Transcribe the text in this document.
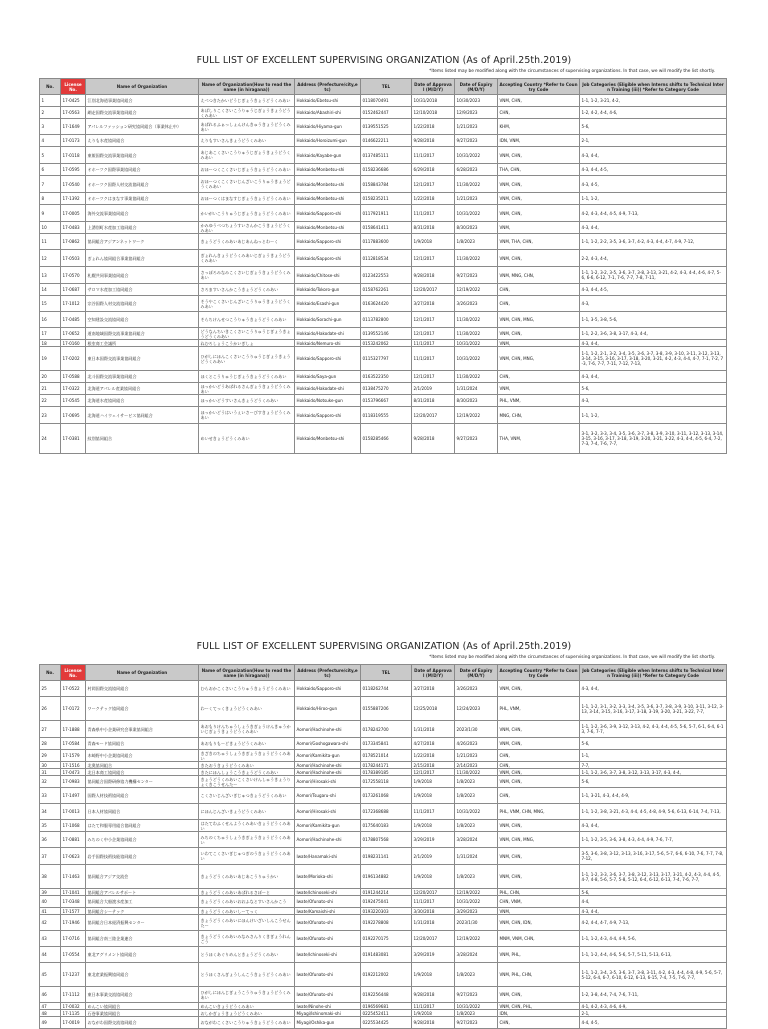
FULL LIST OF EXCELLENT SUPERVISING ORGANIZATION (As of April.25th.2019)
*Items listed may be modified along with the circumstances of supervising organizations. In that case, we will modify the list shortly.
No.	License No.	Name of Organization	Name of Organization(How to read the name (in hiragana))	Address (Prefecture/city,etc)	TEL	Date of Approval (M/D/Y)	Date of Expiry (M/D/Y)	Accepting Country *Refer to Country Code	Job Categories (Eligible when Interns shifts to Technical Intern Training (iii)) *Refer to Category Code
1	17-0425	江別北海道事業協同組合	えべつきたかいどうじぎょうきょうどうくみあい	Hokkaido/Ebetsu-shi	0118070491	10/31/2018	10/30/2023	VNM, CHN,	1-1, 1-2, 3-21, 4-2,
2	17-0563	網走国際交流事業協同組合	あばしりこくさいこうりゅうじぎょうきょうどうくみあい	Hokkaido/Abashiri-shi	0152462447	12/10/2018	12/9/2023	CHN,	1-2, 4-2, 4-4, 4-6,
3	17-1649	アパレルファッション研究協同組合（事業休止中）	あぱれるふぁっしょんけんきゅうきょうどうくみあい	Hokkaido/Hiyama-gun	0139551525	1/22/2018	1/21/2023	KHM,	5-6,
4	17-0173	えりも水産協同組合	えりもすいさんきょうどうくみあい	Hokkaido/Horoizumi-gun	0146622211	9/28/2018	9/27/2023	IDN, VNM,	2-1,
5	17-0118	東報国際交流事業協同組合	あじあこくさいこうりゅうじぎょうきょうどうくみあい	Hokkaido/Kayabe-gun	0137485111	11/1/2017	10/31/2022	VNM, CHN,	4-3, 4-4,
6	17-0595	オホーツク国際事業協同組合	おほーつくこくさいじぎょうきょうどうくみあい	Hokkaido/Monbetsu-shi	0158236686	6/29/2018	6/28/2023	THA, CHN,	4-3, 4-4, 4-5,
7	17-0540	オホーツク国際人材交流協同組合	おほーつくこくさいじんざいこうりゅうきょうどうくみあい	Hokkaido/Monbetsu-shi	0158843784	12/1/2017	11/30/2022	VNM, CHN,	4-3, 4-5,
8	17-1392	オホーツクはまなす事業協同組合	おほーつくはまなすじぎょうきょうどうくみあい	Hokkaido/Monbetsu-shi	0158235211	1/22/2018	1/21/2023	VNM, CHN,	1-1, 1-2,
9	17-0005	海外交流事業協同組合	かいがいこうりゅうじぎょうきょうどうくみあい	Hokkaido/Sapporo-shi	0117921911	11/1/2017	10/31/2022	VNM, CHN,	4-2, 4-3, 4-4, 4-5, 4-9, 7-13,
10	17-0483	上湧別町水産加工協同組合	かみゆうべつちょうすいさんかこうきょうどうくみあい	Hokkaido/Monbetsu-shi	0158641411	8/31/2018	8/30/2023	VNM,	4-3, 4-4,
11	17-0862	協同組合アジアンネットワーク	きょうどうくみあいあじあんねっとわーく	Hokkaido/Sapporo-shi	0117883600	1/9/2018	1/8/2023	VNM, THA, CHN,	1-1, 1-2, 2-2, 3-5, 3-6, 3-7, 4-2, 4-3, 4-4, 4-7, 4-9, 7-12,
12	17-0503	ぎょれん協同組合事業協同組合	ぎょれんきょうどうくみあいじぎょうきょうどうくみあい	Hokkaido/Sapporo-shi	0112818534	12/1/2017	11/30/2022	VNM, CHN,	2-2, 4-3, 4-4,
13	17-0570	札幌共同事業協同組合	さっぽろみなみこくさいじぎょうきょうどうくみあい	Hokkaido/Chitose-shi	0123422553	9/28/2018	9/27/2023	VNM, MNG, CHN,	1-1, 1-2, 3-2, 3-5, 3-6, 3-7, 3-8, 3-13, 3-21, 4-2, 4-3, 4-4, 4-6, 4-7, 5-6, 6-6, 6-12, 7-1, 7-6, 7-7, 7-8, 7-11,
14	17-0687	サロマ水産加工協同組合	さろますいさんかこうきょうどうくみあい	Hokkaido/Tokoro-gun	0158762261	12/20/2017	12/19/2022	CHN,	4-3, 4-4, 4-5,
15	17-1012	宗谷国際人材交流協同組合	そうやこくさいじんざいこうりゅうきょうどうくみあい	Hokkaido/Esashi-gun	0163624420	3/27/2018	3/26/2023	CHN,	4-3,
16	17-0485	空知建設交流協同組合	そらちけんせつこうりゅうきょうどうくみあい	Hokkaido/Sorachi-gun	0113782800	12/1/2017	11/30/2022	VNM, CHN, MNG,	1-1, 3-5, 3-8, 5-6,
17	17-0652	道南地域国際交流事業協同組合	どうなんちいきこくさいこうりゅうじぎょうきょうどうくみあい	Hokkaido/Hakodate-shi	0139552146	12/1/2017	11/30/2022	VNM, CHN,	1-1, 2-2, 3-6, 3-8, 3-17, 4-3, 4-4,
18	17-0160	根室商工会議所	ねむろしょうこうかいぎしょ	Hokkaido/Nemuro-shi	0153242062	11/1/2017	10/31/2022	VNM,	4-3, 4-4,
19	17-0202	東日本国際交流事業協同組合	ひがしにほんこくさいこうりゅうじぎょうきょうどうくみあい	Hokkaido/Sapporo-shi	0115327797	11/1/2017	10/31/2022	VNM, CHN, MNG,	1-1, 1-2, 2-1, 3-2, 3-4, 3-5, 3-6, 3-7, 3-8, 3-9, 3-10, 3-11, 3-12, 3-13, 3-14, 3-15, 3-16, 3-17, 3-18, 3-20, 3-21, 4-2, 4-3, 4-4, 4-7, 7-1, 7-2, 7-3, 7-6, 7-7, 7-11, 7-12, 7-13,
20	17-0588	北斗国際交流事業協同組合	ほくとこうりゅうじぎょうきょうどうくみあい	Hokkaido/Saya-gun	0163522350	12/1/2017	11/30/2022	CHN,	4-3, 4-4,
21	17-0322	北海道アパレル産業協同組合	ほっかいどうあぱれるさんぎょうきょうどうくみあい	Hokkaido/Hakodate-shi	0138475270	2/1/2019	1/31/2024	VNM,	5-6,
22	17-0545	北海道水産協同組合	ほっかいどうすいさんきょうどうくみあい	Hokkaido/Notsuke-gun	0153796667	8/31/2018	8/30/2023	PHL, VNM,	4-3,
23	17-0695	北海道ハイウェイサービス協同組合	ほっかいどうはいうぇいさーびすきょうどうくみあい	Hokkaido/Sapporo-shi	0118319555	12/20/2017	12/19/2022	MNG, CHN,	1-1, 1-2,
24	17-0381	紋別協同組合	めいせきょうどうくみあい	Hokkaido/Monbetsu-shi	0158285466	9/28/2018	9/27/2023	THA, VNM,	3-1, 3-2, 3-3, 3-4, 3-5, 3-6, 3-7, 3-8, 3-9, 3-10, 3-11, 3-12, 3-13, 3-14, 3-15, 3-16, 3-17, 3-18, 3-19, 3-20, 3-21, 3-22, 4-3, 4-4, 4-5, 6-4, 7-2, 7-3, 7-4, 7-6, 7-7,
FULL LIST OF EXCELLENT SUPERVISING ORGANIZATION (As of April.25th.2019)
*Items listed may be modified along with the circumstances of supervising organizations. In that case, we will modify the list shortly.
No.	License No.	Name of Organization	Name of Organization(How to read the name (in hiragana))	Address (Prefecture/city,etc)	TEL	Date of Approval (M/D/Y)	Date of Expiry (M/D/Y)	Accepting Country *Refer to Country Code	Job Categories (Eligible when Interns shifts to Technical Intern Training (iii)) *Refer to Category Code
25	17-0522	村岡国際交流協同組合	むらおかこくさいこうりゅうきょうどうくみあい	Hokkaido/Sapporo-shi	0118262744	3/27/2018	3/26/2023	VNM, CHN,	4-3, 4-4,
26	17-0172	ワークテック協同組合	わーくてっくきょうどうくみあい	Hokkaido/Hiroo-gun	0155887206	12/25/2018	12/24/2023	PHL, VNM,	1-1, 1-2, 3-1, 3-2, 3-3, 3-4, 3-5, 3-6, 3-7, 3-8, 3-9, 3-10, 3-11, 3-12, 3-13, 3-14, 3-15, 3-16, 3-17, 3-18, 3-19, 3-20, 3-21, 3-22, 7-7,
27	17-1888	青森県中小企業研究会事業協同組合	あおもりけんちゅうしょうきぎょうけんきゅうかいじぎょうきょうどうくみあい	Aomori/Hachinohe-shi	0178242700	1/31/2018	2023/1/30	VNM, CHN,	1-1, 1-2, 3-6, 3-9, 3-12, 3-13, 4-2, 4-3, 4-4, 4-5, 5-6, 5-7, 6-1, 6-4, 6-13, 7-6, 7-7,
28	17-0584	青森モード協同組合	あおもりもーどきょうどうくみあい	Aomori/Goshogawara-shi	0173345841	4/27/2018	4/26/2023	VNM, CHN,	5-6,
29	17-1579	木崎野中小企業協同組合	きざきのちゅうしょうきぎょうきょうどうくみあい	Aomori/Kamikita-gun	0178521014	1/22/2018	1/21/2023	CHN,	1-1,
30	17-1516	北奥協同組合	きたおうきょうどうくみあい	Aomori/Hachinohe-shi	0178244171	2/15/2018	2/14/2023	CHN,	7-7,
31	17-0473	北日本商工協同組合	きたにほんしょうこうきょうどうくみあい	Aomori/Hachinohe-shi	0178389185	12/1/2017	11/30/2022	VNM, CHN,	1-1, 1-2, 3-6, 3-7, 3-8, 3-12, 3-13, 3-17, 4-3, 4-4,
32	17-0983	協同組合国際研修協力機構センター	きょうどうくみあいこくさいけんしゅうきょうりょくきこうせんたー	Aomori/Hirosaki-shi	0172558118	1/9/2018	1/8/2023	VNM, CHN,	5-6,
33	17-1497	国際人材技術協同組合	こくさいじんざいぎじゅつきょうどうくみあい	Aomori/Tsugaru-shi	0173261068	1/9/2018	1/8/2023	CHN,	1-1, 3-21, 4-3, 4-4, 4-9,
34	17-0013	日本人材協同組合	にほんじんざいきょうどうくみあい	Aomori/Hirosaki-shi	0172368688	11/1/2017	10/31/2022	PHL, VNM, CHN, MNG,	1-1, 1-2, 3-8, 3-21, 4-3, 4-4, 4-5, 4-8, 4-9, 5-6, 6-13, 6-14, 7-4, 7-13,
35	17-1068	はたて和服専用組合協同組合	はたてわふくせんようくみあいきょうどうくみあい	Aomori/Kamikita-gun	0175640183	1/9/2018	1/8/2023	VNM, CHN,	4-3, 4-4,
36	17-0881	みちのく中小企業協同組合	みちのくちゅうしょうきぎょうきょうどうくみあい	Aomori/Hachinohe-shi	0178807568	3/29/2019	3/28/2024	VNM, CHN, MNG,	1-1, 1-2, 3-5, 3-6, 3-8, 4-3, 4-4, 4-9, 7-6, 7-7,
37	17-0623	岩手国際技術技能協同組合	いわてこくさいぎじゅつぎのうきょうどうくみあい	Iwate/Hanamaki-shi	0198231141	2/1/2019	1/31/2024	VNM, CHN,	3-5, 3-6, 3-8, 3-12, 3-13, 3-16, 3-17, 5-6, 5-7, 6-6, 6-10, 7-6, 7-7, 7-8, 7-12,
38	17-1463	協同組合アジア交流会	きょうどうくみあいあじあこうりゅうかい	Iwate/Morioka-shi	0196134882	1/9/2018	1/8/2023	VNM, CHN,	1-1, 1-2, 3-3, 3-6, 3-7, 3-8, 3-12, 3-13, 3-17, 3-21, 4-2, 4-3, 4-4, 4-5, 4-7, 4-8, 5-6, 5-7, 5-8, 5-12, 6-4, 6-12, 6-13, 7-4, 7-6, 7-7,
39	17-1041	協同組合アパレルサポート	きょうどうくみあいあぱれるさぽーと	Iwate/Ichinoseki-shi	0191244214	12/20/2017	12/19/2022	PHL, CHN,	5-6,
40	17-0348	協同組合大船渡水産加工	きょうどうくみあいおおふなとすいさんかこう	Iwate/Ofunato-shi	0192475041	11/1/2017	10/31/2022	CHN, VNM,	4-4,
41	17-1577	協同組合シーテック	きょうどうくみあいしーてっく	Iwate/Kamaishi-shi	0193220303	3/30/2018	3/29/2023	VNM,	4-3, 4-4,
42	17-1946	協同組合日本経済振興センター	きょうどうくみあいにほんけいざいしんこうせんたー	Iwate/Ofunato-shi	0192278808	1/31/2018	2023/1/30	VNM, CHN, IDN,	4-2, 4-4, 4-7, 4-9, 7-13,
43	17-0716	協同組合南三陸企業連合	きょうどうくみあいみなみさんりくきぎょうれんごう	Iwate/Ofunato-shi	0192270175	12/20/2017	12/19/2022	MNM, VNM, CHN,	1-1, 1-2, 4-3, 4-4, 4-9, 5-6,
44	17-0554	東北アグリメント協同組合	とうほくあぐりめんときょうどうくみあい	Iwate/Ichinoseki-shi	0191483081	3/29/2019	3/28/2024	VNM, PHL,	1-1, 1-2, 4-4, 4-6, 5-6, 5-7, 5-11, 5-13, 6-13,
45	17-1237	東北産業振興協同組合	とうほくさんぎょうしんこうきょうどうくみあい	Iwate/Ofunato-shi	0192212002	1/9/2018	1/8/2023	VNM, PHL, CHN,	1-1, 1-2, 3-4, 3-5, 3-6, 3-7, 3-8, 3-11, 4-2, 4-3, 4-4, 4-8, 4-9, 5-6, 5-7, 5-12, 6-4, 6-7, 6-10, 6-12, 6-13, 6-15, 7-4, 7-5, 7-6, 7-7,
46	17-1112	東日本事業交流協同組合	ひがしにほんじぎょうこうりゅうきょうどうくみあい	Iwate/Ofunato-shi	0192256448	9/28/2018	9/27/2023	VNM, CHN,	1-2, 3-8, 4-4, 7-4, 7-6, 7-11,
47	17-0032	めんこい協同組合	めんこいきょうどうくみあい	Iwate/Ninohe-shi	0196569681	11/1/2017	10/31/2022	VNM, CHN, PHL,	4-1, 4-2, 4-3, 4-6, 4-9,
48	17-1135	石巻事業協同組合	おしかぎょうきょうどうくみあい	Miyagi/Ishinomaki-shi	0225452411	1/9/2018	1/8/2023	IDN,	2-1,
49	17-0019	おながわ国際交流協同組合	おながわこくさいこうりゅうきょうどうくみあい	Miyagi/Oshika-gun	0225534425	9/28/2018	9/27/2023	CHN,	4-4, 4-5,
